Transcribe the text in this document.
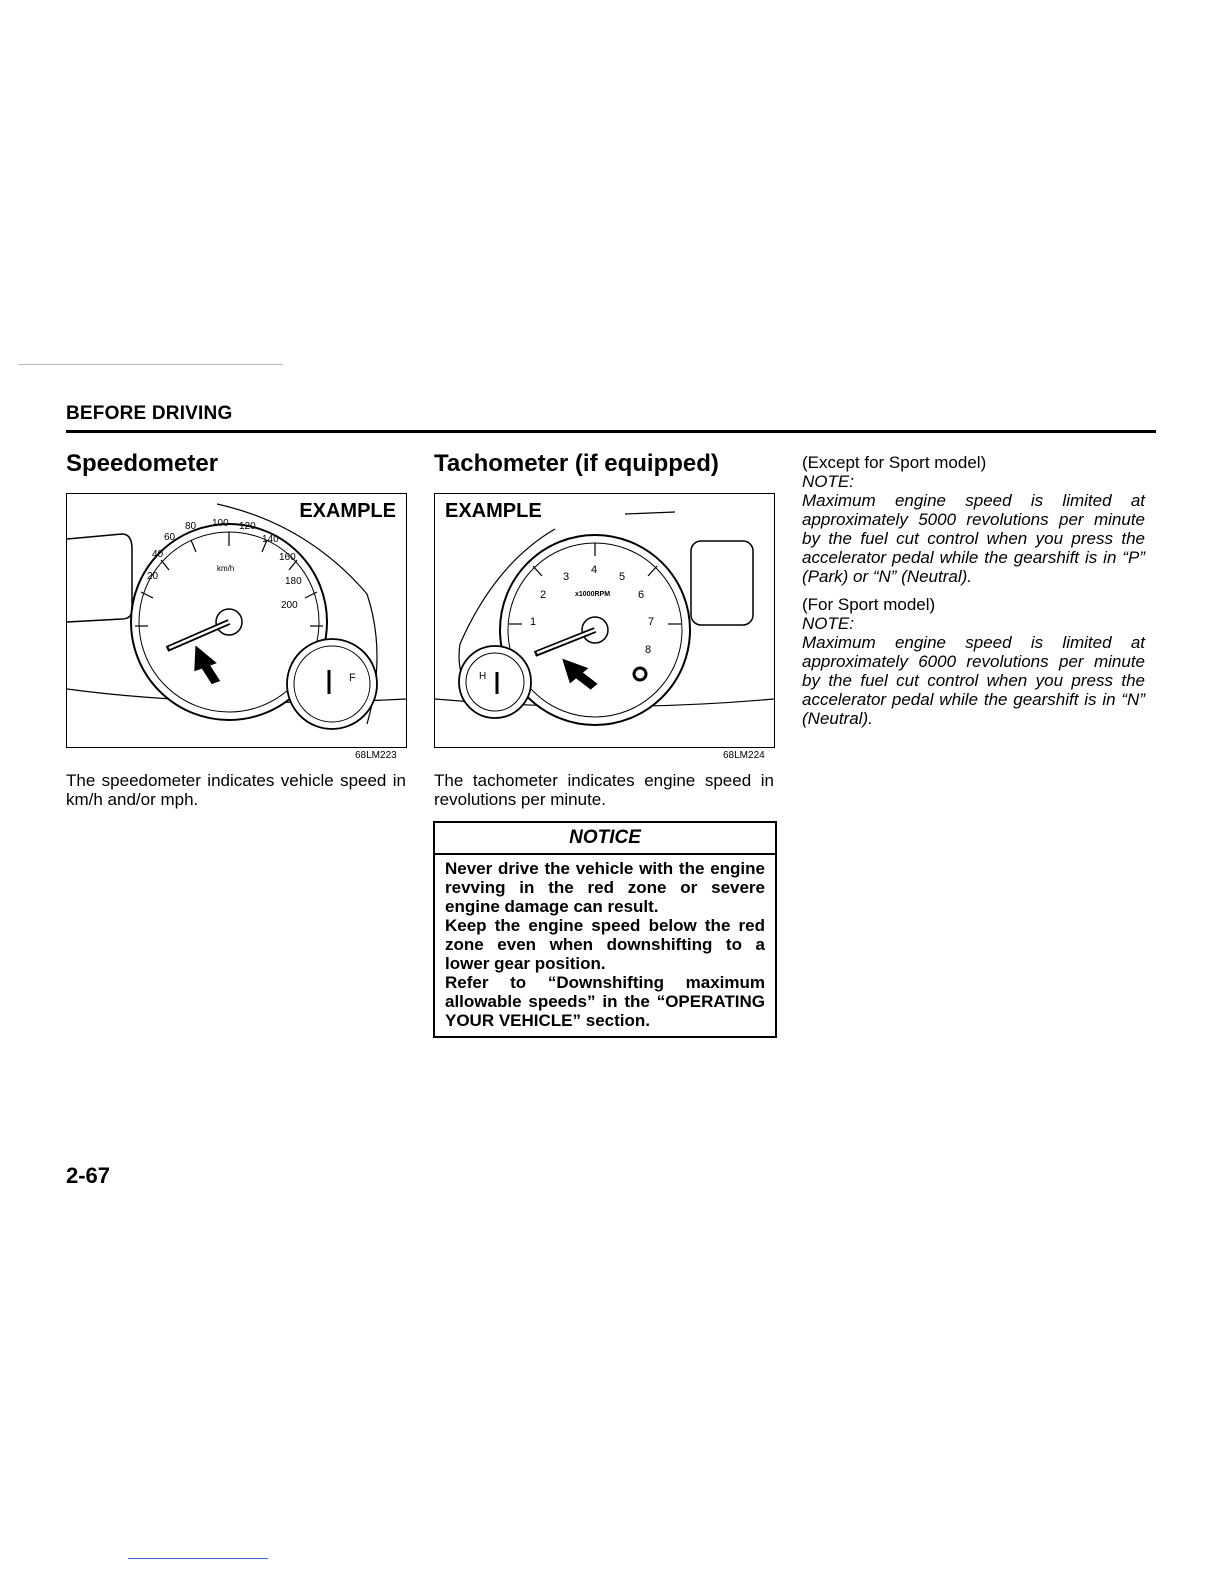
BEFORE DRIVING
Speedometer
F
EXAMPLE
20
40
60
80 100 120
140
160
180
200
km/h
68LM223
The speedometer indicates vehicle speed in km/h and/or mph.
Tachometer (if equipped)
H
EXAMPLE
1
2
3
4
5
6
7
8
x1000RPM
68LM224
The tachometer indicates engine speed in revolutions per minute.
NOTICE
Never drive the vehicle with the engine revving in the red zone or severe engine damage can result.
Keep the engine speed below the red zone even when downshifting to a lower gear position.
Refer to “Downshifting maximum allowable speeds” in the “OPERATING YOUR VEHICLE” section.
(Except for Sport model)
NOTE:
Maximum engine speed is limited at approximately 5000 revolutions per minute by the fuel cut control when you press the accelerator pedal while the gearshift is in “P” (Park) or “N” (Neutral).
(For Sport model)
NOTE:
Maximum engine speed is limited at approximately 6000 revolutions per minute by the fuel cut control when you press the accelerator pedal while the gearshift is in “N” (Neutral).
2-67
